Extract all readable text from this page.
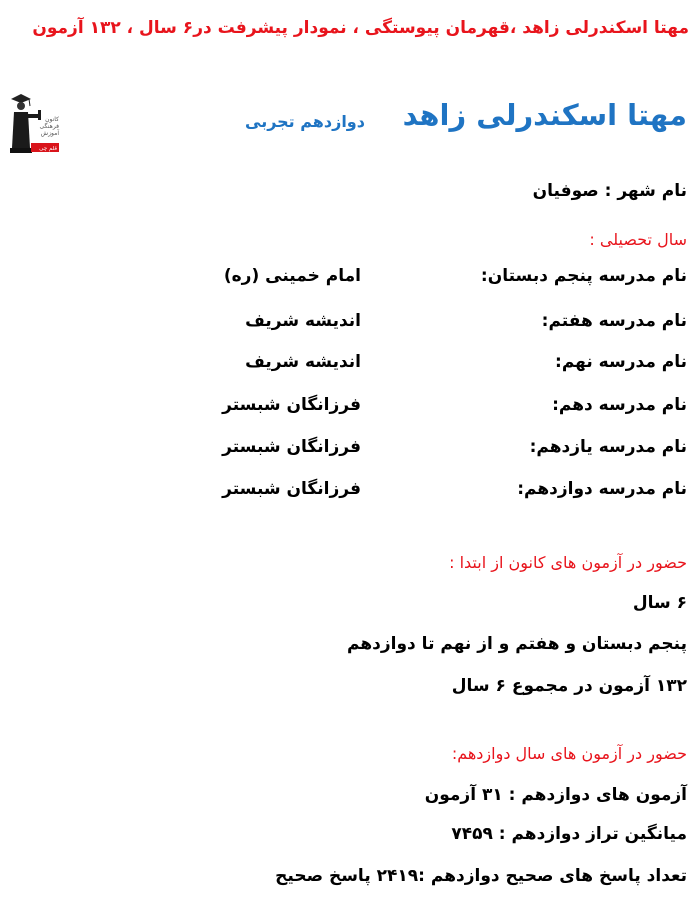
مهتا اسکندرلی زاهد ،قهرمان پیوستگی ، نمودار پیشرفت در۶ سال ، ۱۳۲ آزمون
مهتا اسکندرلی زاهد
دوازدهم تجربی
کانون
فرهنگی
آموزش
قلم چی
نام شهر : صوفیان
سال تحصیلی :
نام مدرسه پنجم دبستان:
امام خمینی (ره)
نام مدرسه هفتم:
اندیشه شریف
نام مدرسه نهم:
اندیشه شریف
نام مدرسه دهم:
فرزانگان شبستر
نام مدرسه یازدهم:
فرزانگان شبستر
نام مدرسه دوازدهم:
فرزانگان شبستر
حضور در آزمون های کانون از ابتدا :
۶ سال
پنجم دبستان و هفتم و از نهم تا دوازدهم
۱۳۲ آزمون در مجموع ۶ سال
حضور در آزمون های سال دوازدهم:
آزمون های دوازدهم : ۳۱ آزمون
میانگین تراز دوازدهم : ۷۴۵۹
تعداد پاسخ های صحیح دوازدهم :۲۴۱۹ پاسخ صحیح
